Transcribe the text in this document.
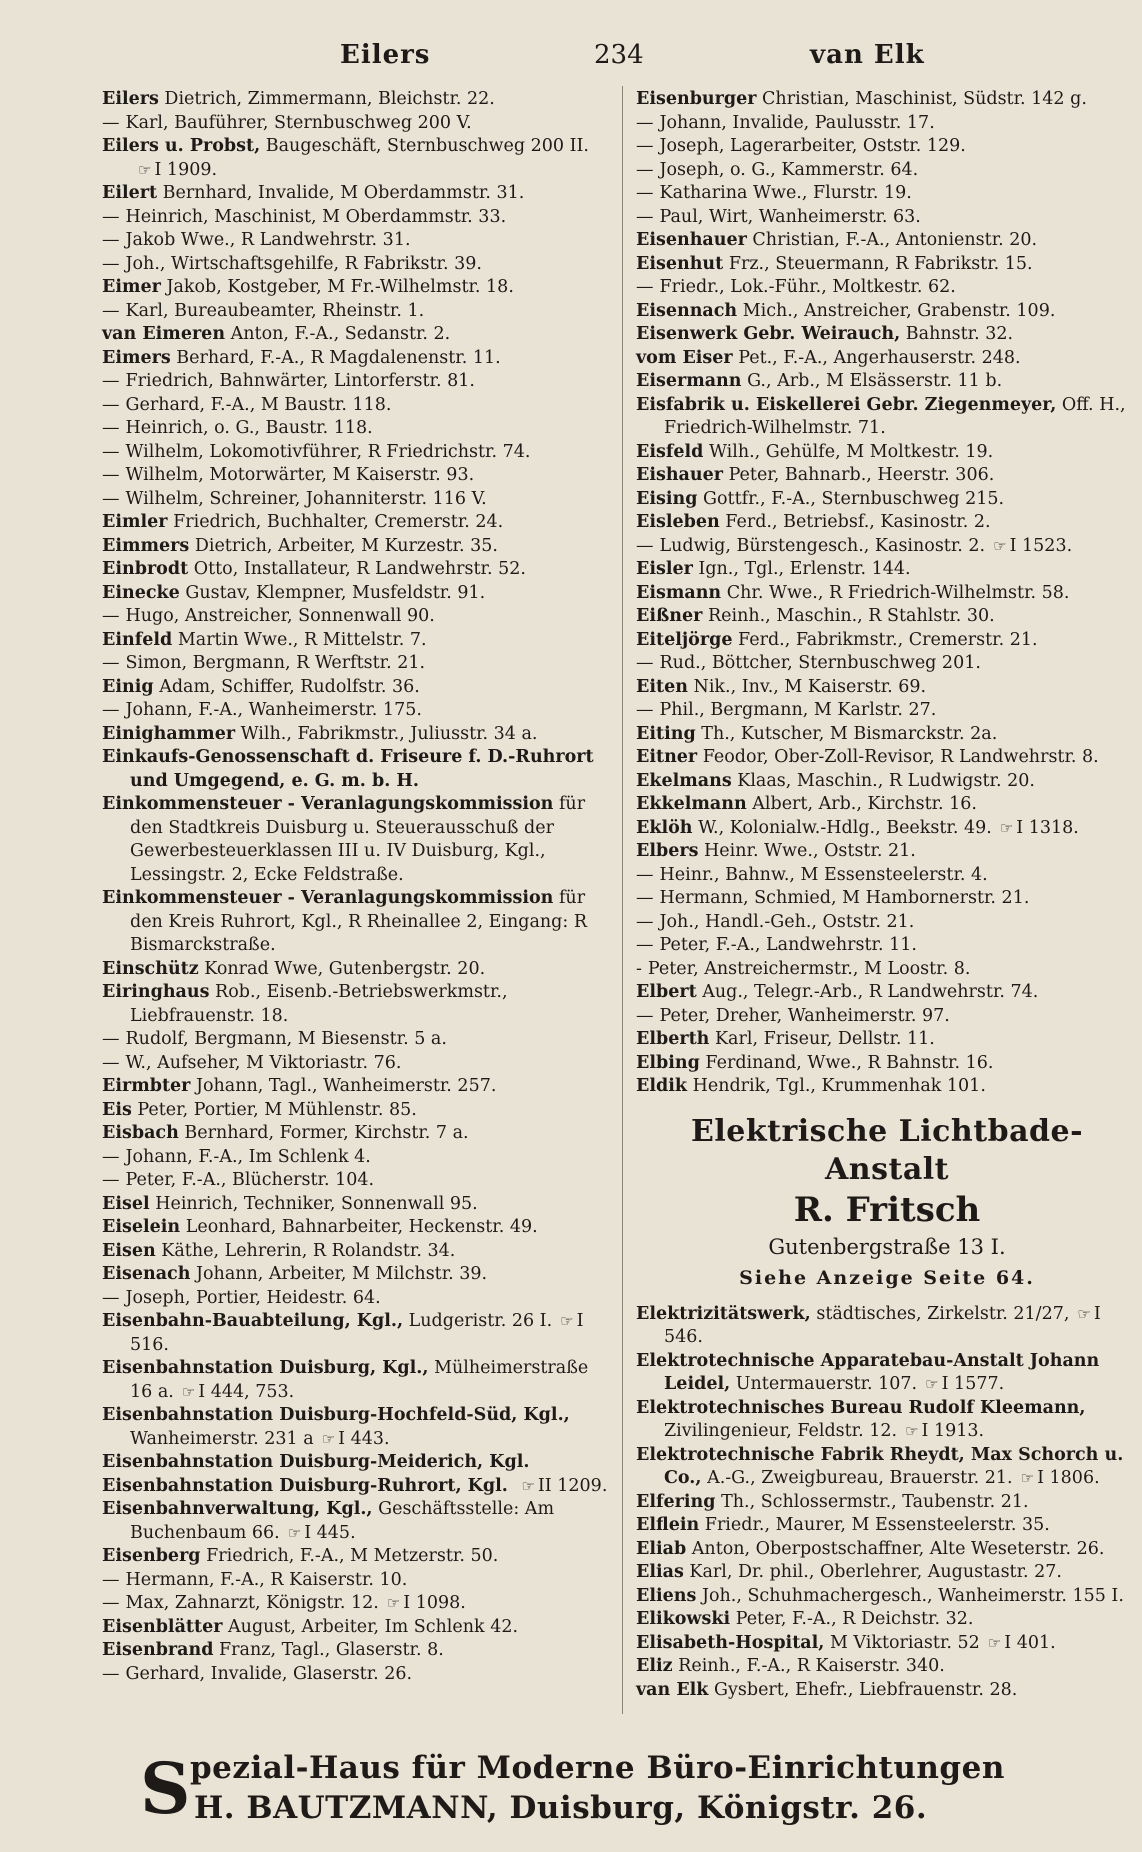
Eilers	234	van Elk

Eilers Dietrich, Zimmermann, Bleichstr. 22.

— Karl, Bauführer, Sternbuschweg 200 V.

Eilers u. Probst, Baugeschäft, Sternbuschweg 200 II.☞ I 1909.

Eilert Bernhard, Invalide, M Oberdammstr. 31.

— Heinrich, Maschinist, M Oberdammstr. 33.

— Jakob Wwe., R Landwehrstr. 31.

— Joh., Wirtschaftsgehilfe, R Fabrikstr. 39.

Eimer Jakob, Kostgeber, M Fr.-Wilhelmstr. 18.

— Karl, Bureaubeamter, Rheinstr. 1.

van Eimeren Anton, F.-A., Sedanstr. 2.

Eimers Berhard, F.-A., R Magdalenenstr. 11.

— Friedrich, Bahnwärter, Lintorferstr. 81.

— Gerhard, F.-A., M Baustr. 118.

— Heinrich, o. G., Baustr. 118.

— Wilhelm, Lokomotivführer, R Friedrichstr. 74.

— Wilhelm, Motorwärter, M Kaiserstr. 93.

— Wilhelm, Schreiner, Johanniterstr. 116 V.

Eimler Friedrich, Buchhalter, Cremerstr. 24.

Eimmers Dietrich, Arbeiter, M Kurzestr. 35.

Einbrodt Otto, Installateur, R Landwehrstr. 52.

Einecke Gustav, Klempner, Musfeldstr. 91.

— Hugo, Anstreicher, Sonnenwall 90.

Einfeld Martin Wwe., R Mittelstr. 7.

— Simon, Bergmann, R Werftstr. 21.

Einig Adam, Schiffer, Rudolfstr. 36.

— Johann, F.-A., Wanheimerstr. 175.

Einighammer Wilh., Fabrikmstr., Juliusstr. 34 a.

Einkaufs-Genossenschaft d. Friseure f. D.-Ruhrort und Umgegend, e. G. m. b. H.

Einkommensteuer - Veranlagungskommission für den Stadtkreis Duisburg u. Steuerausschuß der Gewerbesteuerklassen III u. IV Duisburg, Kgl., Lessingstr. 2, Ecke Feldstraße.

Einkommensteuer - Veranlagungskommission für den Kreis Ruhrort, Kgl., R Rheinallee 2, Eingang: R Bismarckstraße.

Einschütz Konrad Wwe, Gutenbergstr. 20.

Eiringhaus Rob., Eisenb.-Betriebswerkmstr., Liebfrauenstr. 18.

— Rudolf, Bergmann, M Biesenstr. 5 a.

— W., Aufseher, M Viktoriastr. 76.

Eirmbter Johann, Tagl., Wanheimerstr. 257.

Eis Peter, Portier, M Mühlenstr. 85.

Eisbach Bernhard, Former, Kirchstr. 7 a.

— Johann, F.-A., Im Schlenk 4.

— Peter, F.-A., Blücherstr. 104.

Eisel Heinrich, Techniker, Sonnenwall 95.

Eiselein Leonhard, Bahnarbeiter, Heckenstr. 49.

Eisen Käthe, Lehrerin, R Rolandstr. 34.

Eisenach Johann, Arbeiter, M Milchstr. 39.

— Joseph, Portier, Heidestr. 64.

Eisenbahn-Bauabteilung, Kgl., Ludgeristr. 26 I. ☞ I 516.

Eisenbahnstation Duisburg, Kgl., Mülheimerstraße 16 a. ☞ I 444, 753.

Eisenbahnstation Duisburg-Hochfeld-Süd, Kgl., Wanheimerstr. 231 a ☞ I 443.

Eisenbahnstation Duisburg-Meiderich, Kgl.

Eisenbahnstation Duisburg-Ruhrort, Kgl. ☞ II 1209.

Eisenbahnverwaltung, Kgl., Geschäftsstelle: Am Buchenbaum 66. ☞ I 445.

Eisenberg Friedrich, F.-A., M Metzerstr. 50.

— Hermann, F.-A., R Kaiserstr. 10.

— Max, Zahnarzt, Königstr. 12. ☞ I 1098.

Eisenblätter August, Arbeiter, Im Schlenk 42.

Eisenbrand Franz, Tagl., Glaserstr. 8.

— Gerhard, Invalide, Glaserstr. 26.

Eisenburger Christian, Maschinist, Südstr. 142 g.

— Johann, Invalide, Paulusstr. 17.

— Joseph, Lagerarbeiter, Oststr. 129.

— Joseph, o. G., Kammerstr. 64.

— Katharina Wwe., Flurstr. 19.

— Paul, Wirt, Wanheimerstr. 63.

Eisenhauer Christian, F.-A., Antonienstr. 20.

Eisenhut Frz., Steuermann, R Fabrikstr. 15.

— Friedr., Lok.-Führ., Moltkestr. 62.

Eisennach Mich., Anstreicher, Grabenstr. 109.

Eisenwerk Gebr. Weirauch, Bahnstr. 32.

vom Eiser Pet., F.-A., Angerhauserstr. 248.

Eisermann G., Arb., M Elsässerstr. 11 b.

Eisfabrik u. Eiskellerei Gebr. Ziegenmeyer, Off. H., Friedrich-Wilhelmstr. 71.

Eisfeld Wilh., Gehülfe, M Moltkestr. 19.

Eishauer Peter, Bahnarb., Heerstr. 306.

Eising Gottfr., F.-A., Sternbuschweg 215.

Eisleben Ferd., Betriebsf., Kasinostr. 2.

— Ludwig, Bürstengesch., Kasinostr. 2. ☞ I 1523.

Eisler Ign., Tgl., Erlenstr. 144.

Eismann Chr. Wwe., R Friedrich-Wilhelmstr. 58.

Eißner Reinh., Maschin., R Stahlstr. 30.

Eiteljörge Ferd., Fabrikmstr., Cremerstr. 21.

— Rud., Böttcher, Sternbuschweg 201.

Eiten Nik., Inv., M Kaiserstr. 69.

— Phil., Bergmann, M Karlstr. 27.

Eiting Th., Kutscher, M Bismarckstr. 2a.

Eitner Feodor, Ober-Zoll-Revisor, R Landwehrstr. 8.

Ekelmans Klaas, Maschin., R Ludwigstr. 20.

Ekkelmann Albert, Arb., Kirchstr. 16.

Eklöh W., Kolonialw.-Hdlg., Beekstr. 49. ☞ I 1318.

Elbers Heinr. Wwe., Oststr. 21.

— Heinr., Bahnw., M Essensteelerstr. 4.

— Hermann, Schmied, M Hambornerstr. 21.

— Joh., Handl.-Geh., Oststr. 21.

— Peter, F.-A., Landwehrstr. 11.

- Peter, Anstreichermstr., M Loostr. 8.

Elbert Aug., Telegr.-Arb., R Landwehrstr. 74.

— Peter, Dreher, Wanheimerstr. 97.

Elberth Karl, Friseur, Dellstr. 11.

Elbing Ferdinand, Wwe., R Bahnstr. 16.

Eldik Hendrik, Tgl., Krummenhak 101.

Elektrische Lichtbade-Anstalt
R. Fritsch
Gutenbergstraße 13 I.
Siehe Anzeige Seite 64.

Elektrizitätswerk, städtisches, Zirkelstr. 21/27, ☞ I 546.

Elektrotechnische Apparatebau-Anstalt Johann Leidel, Untermauerstr. 107. ☞ I 1577.

Elektrotechnisches Bureau Rudolf Kleemann, Zivilingenieur, Feldstr. 12. ☞ I 1913.

Elektrotechnische Fabrik Rheydt, Max Schorch u. Co., A.-G., Zweigbureau, Brauerstr. 21. ☞ I 1806.

Elfering Th., Schlossermstr., Taubenstr. 21.

Elflein Friedr., Maurer, M Essensteelerstr. 35.

Eliab Anton, Oberpostschaffner, Alte Weseterstr. 26.

Elias Karl, Dr. phil., Oberlehrer, Augustastr. 27.

Eliens Joh., Schuhmachergesch., Wanheimerstr. 155 I.

Elikowski Peter, F.-A., R Deichstr. 32.

Elisabeth-Hospital, M Viktoriastr. 52 ☞ I 401.

Eliz Reinh., F.-A., R Kaiserstr. 340.

van Elk Gysbert, Ehefr., Liebfrauenstr. 28.

S pezial-Haus für Moderne Büro-Einrichtungen
H. BAUTZMANN, Duisburg, Königstr. 26.
